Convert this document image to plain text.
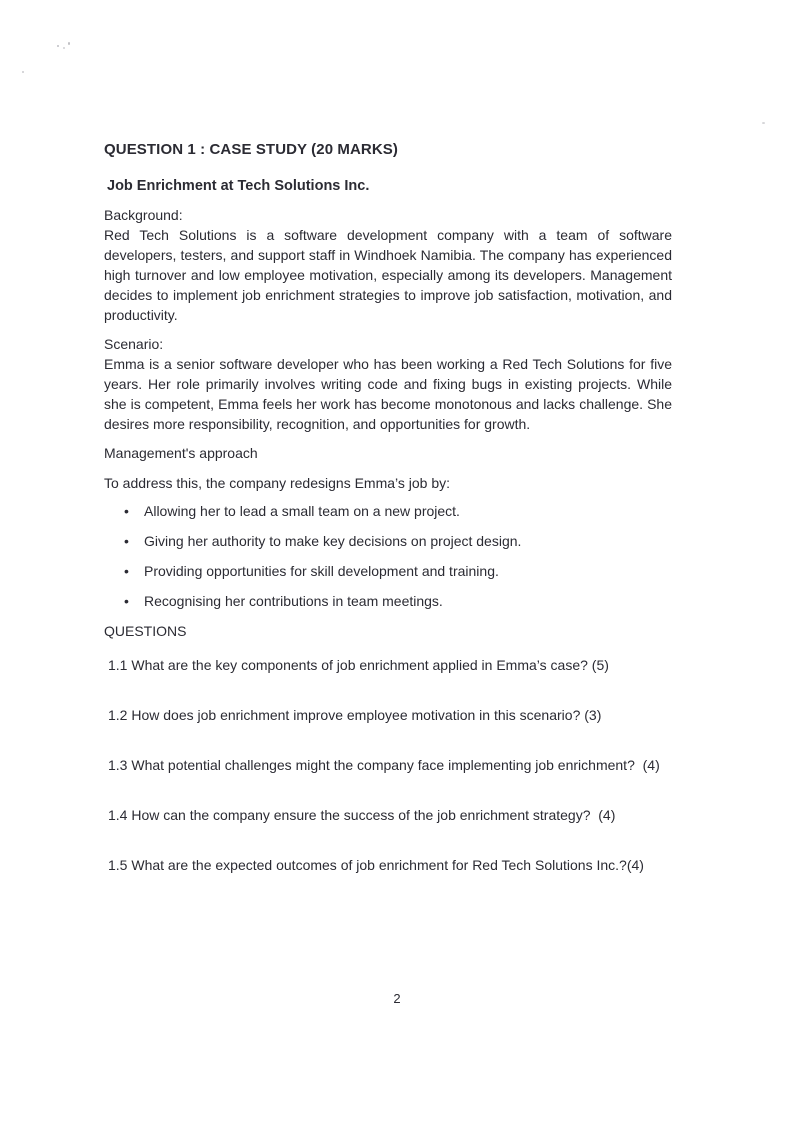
QUESTION 1 : CASE STUDY (20 MARKS)
Job Enrichment at Tech Solutions Inc.
Background:

Red Tech Solutions is a software development company with a team of software developers, testers, and support staff in Windhoek Namibia. The company has experienced high turnover and low employee motivation, especially among its developers. Management decides to implement job enrichment strategies to improve job satisfaction, motivation, and productivity.

Scenario:

Emma is a senior software developer who has been working a Red Tech Solutions for five years. Her role primarily involves writing code and fixing bugs in existing projects. While she is competent, Emma feels her work has become monotonous and lacks challenge. She desires more responsibility, recognition, and opportunities for growth.

Management's approach

To address this, the company redesigns Emma’s job by:

• Allowing her to lead a small team on a new project.
• Giving her authority to make key decisions on project design.
• Providing opportunities for skill development and training.
• Recognising her contributions in team meetings.
QUESTIONS

1.1 What are the key components of job enrichment applied in Emma’s case? (5)

1.2 How does job enrichment improve employee motivation in this scenario? (3)

1.3 What potential challenges might the company face implementing job enrichment?  (4)

1.4 How can the company ensure the success of the job enrichment strategy?  (4)

1.5 What are the expected outcomes of job enrichment for Red Tech Solutions Inc.?(4)

2
